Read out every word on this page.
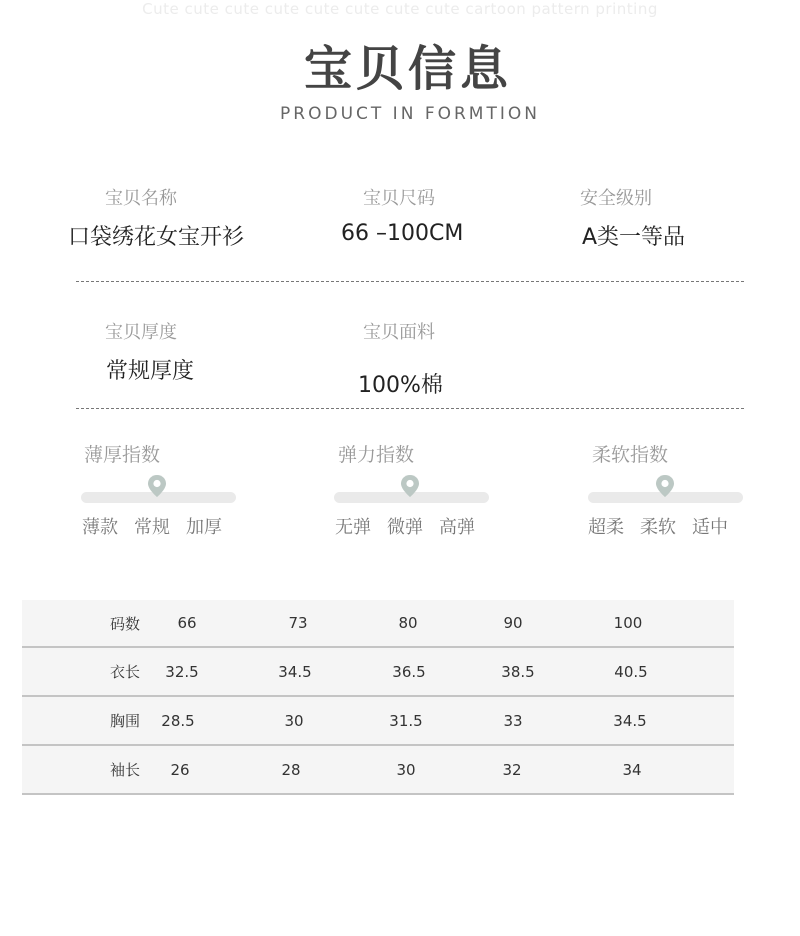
Cute cute cute cute cute cute cute cute cartoon pattern printing
宝贝信息
PRODUCT IN FORMTION
宝贝名称
口袋绣花女宝开衫
宝贝尺码
66 –100CM
安全级别
A类一等品
宝贝厚度
常规厚度
宝贝面料
100%棉
薄厚指数
薄款 常规 加厚
弹力指数
无弹 微弹 高弹
柔软指数
超柔 柔软 适中
码数	66	73	80	90	100
衣长	32.5	34.5	36.5	38.5	40.5
胸围	28.5	30	31.5	33	34.5
袖长	26	28	30	32	34
